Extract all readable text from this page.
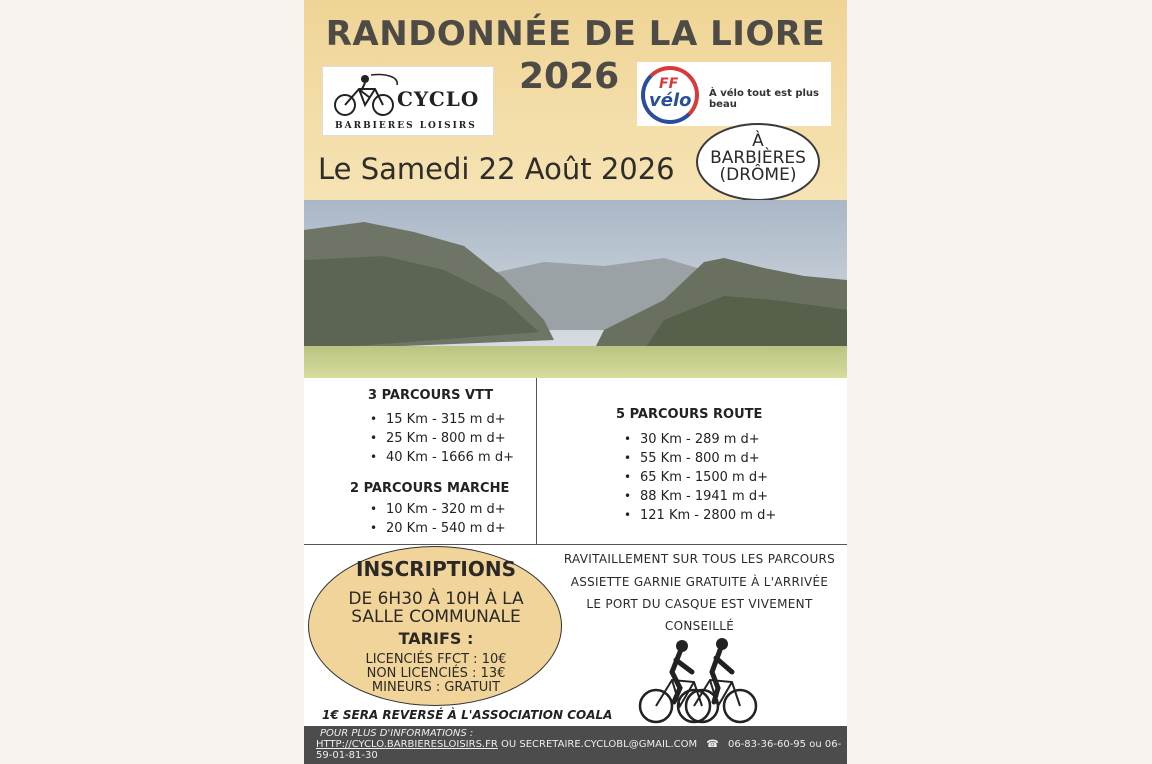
RANDONNÉE DE LA LIORE
2026
CYCLO
BARBIERES LOISIRS
FF
vélo À vélo tout est plus beau
Le Samedi 22 Août 2026
À
BARBIÈRES
(DRÔME)
3 PARCOURS VTT
• 15 Km - 315 m d+
• 25 Km - 800 m d+
• 40 Km - 1666 m d+
2 PARCOURS MARCHE
• 10 Km - 320 m d+
• 20 Km - 540 m d+
5 PARCOURS ROUTE
• 30 Km - 289 m d+
• 55 Km - 800 m d+
• 65 Km - 1500 m d+
• 88 Km - 1941 m d+
• 121 Km - 2800 m d+
INSCRIPTIONS
DE 6H30 À 10H À LA
SALLE COMMUNALE
TARIFS :
LICENCIÉS FFCT : 10€
NON LICENCIÉS : 13€
MINEURS : GRATUIT
RAVITAILLEMENT SUR TOUS LES PARCOURS
ASSIETTE GARNIE GRATUITE À L'ARRIVÉE
LE PORT DU CASQUE EST VIVEMENT
CONSEILLÉ
1€ SERA REVERSÉ À L'ASSOCIATION COALA
POUR PLUS D'INFORMATIONS :
HTTP://CYCLO.BARBIERESLOISIRS.FR OU SECRETAIRE.CYCLOBL@GMAIL.COM ☎ 06-83-36-60-95 ou 06-59-01-81-30
